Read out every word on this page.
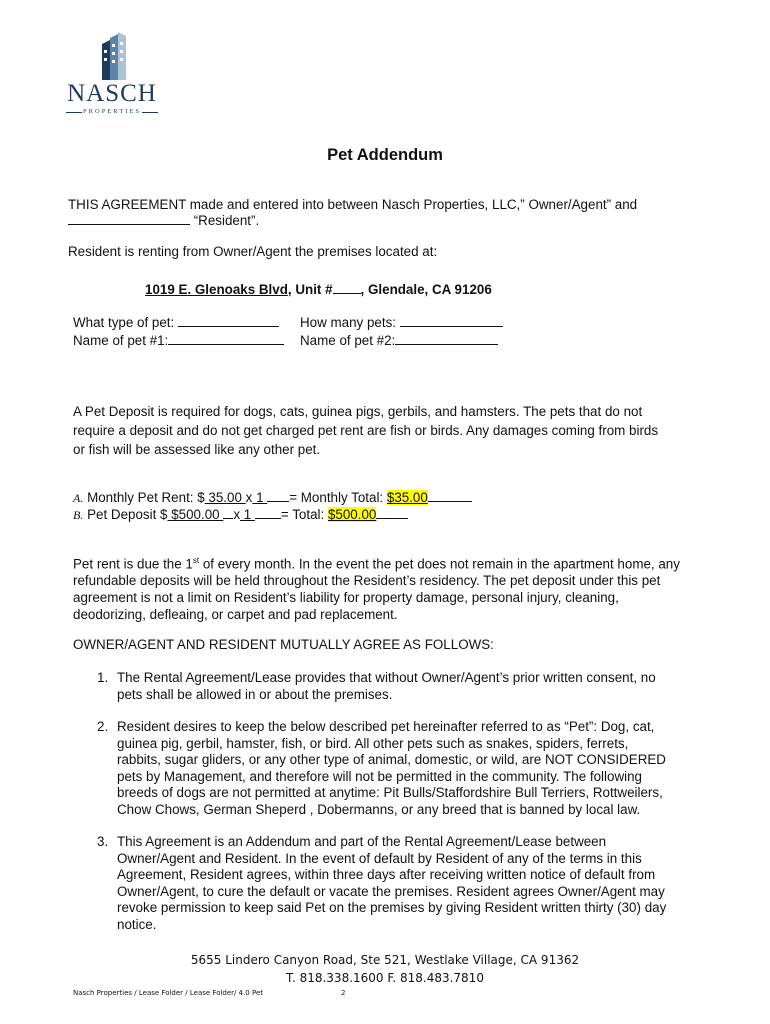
NASCH
PROPERTIES
Pet Addendum
THIS AGREEMENT made and entered into between Nasch Properties, LLC,” Owner/Agent” and
“Resident”.
Resident is renting from Owner/Agent the premises located at:
1019 E. Glenoaks Blvd, Unit # , Glendale, CA 91206
What type of pet:	How many pets:
Name of pet #1:	Name of pet #2:
A Pet Deposit is required for dogs, cats, guinea pigs, gerbils, and hamsters. The pets that do not
require a deposit and do not get charged pet rent are fish or birds. Any damages coming from birds
or fish will be assessed like any other pet.
A. Monthly Pet Rent: $ 35.00 x 1 = Monthly Total: $35.00
B. Pet Deposit $ $500.00 x 1 = Total: $500.00
Pet rent is due the 1st of every month. In the event the pet does not remain in the apartment home, any
refundable deposits will be held throughout the Resident’s residency. The pet deposit under this pet
agreement is not a limit on Resident’s liability for property damage, personal injury, cleaning,
deodorizing, defleaing, or carpet and pad replacement.
OWNER/AGENT AND RESIDENT MUTUALLY AGREE AS FOLLOWS:
1. The Rental Agreement/Lease provides that without Owner/Agent’s prior written consent, no
pets shall be allowed in or about the premises.
2. Resident desires to keep the below described pet hereinafter referred to as “Pet”: Dog, cat,
guinea pig, gerbil, hamster, fish, or bird. All other pets such as snakes, spiders, ferrets,
rabbits, sugar gliders, or any other type of animal, domestic, or wild, are NOT CONSIDERED
pets by Management, and therefore will not be permitted in the community. The following
breeds of dogs are not permitted at anytime: Pit Bulls/Staffordshire Bull Terriers, Rottweilers,
Chow Chows, German Sheperd , Dobermanns, or any breed that is banned by local law.
3. This Agreement is an Addendum and part of the Rental Agreement/Lease between
Owner/Agent and Resident. In the event of default by Resident of any of the terms in this
Agreement, Resident agrees, within three days after receiving written notice of default from
Owner/Agent, to cure the default or vacate the premises. Resident agrees Owner/Agent may
revoke permission to keep said Pet on the premises by giving Resident written thirty (30) day
notice.
5655 Lindero Canyon Road, Ste 521, Westlake Village, CA 91362
T. 818.338.1600 F. 818.483.7810
Nasch Properties / Lease Folder / Lease Folder/ 4.0 Pet	2
